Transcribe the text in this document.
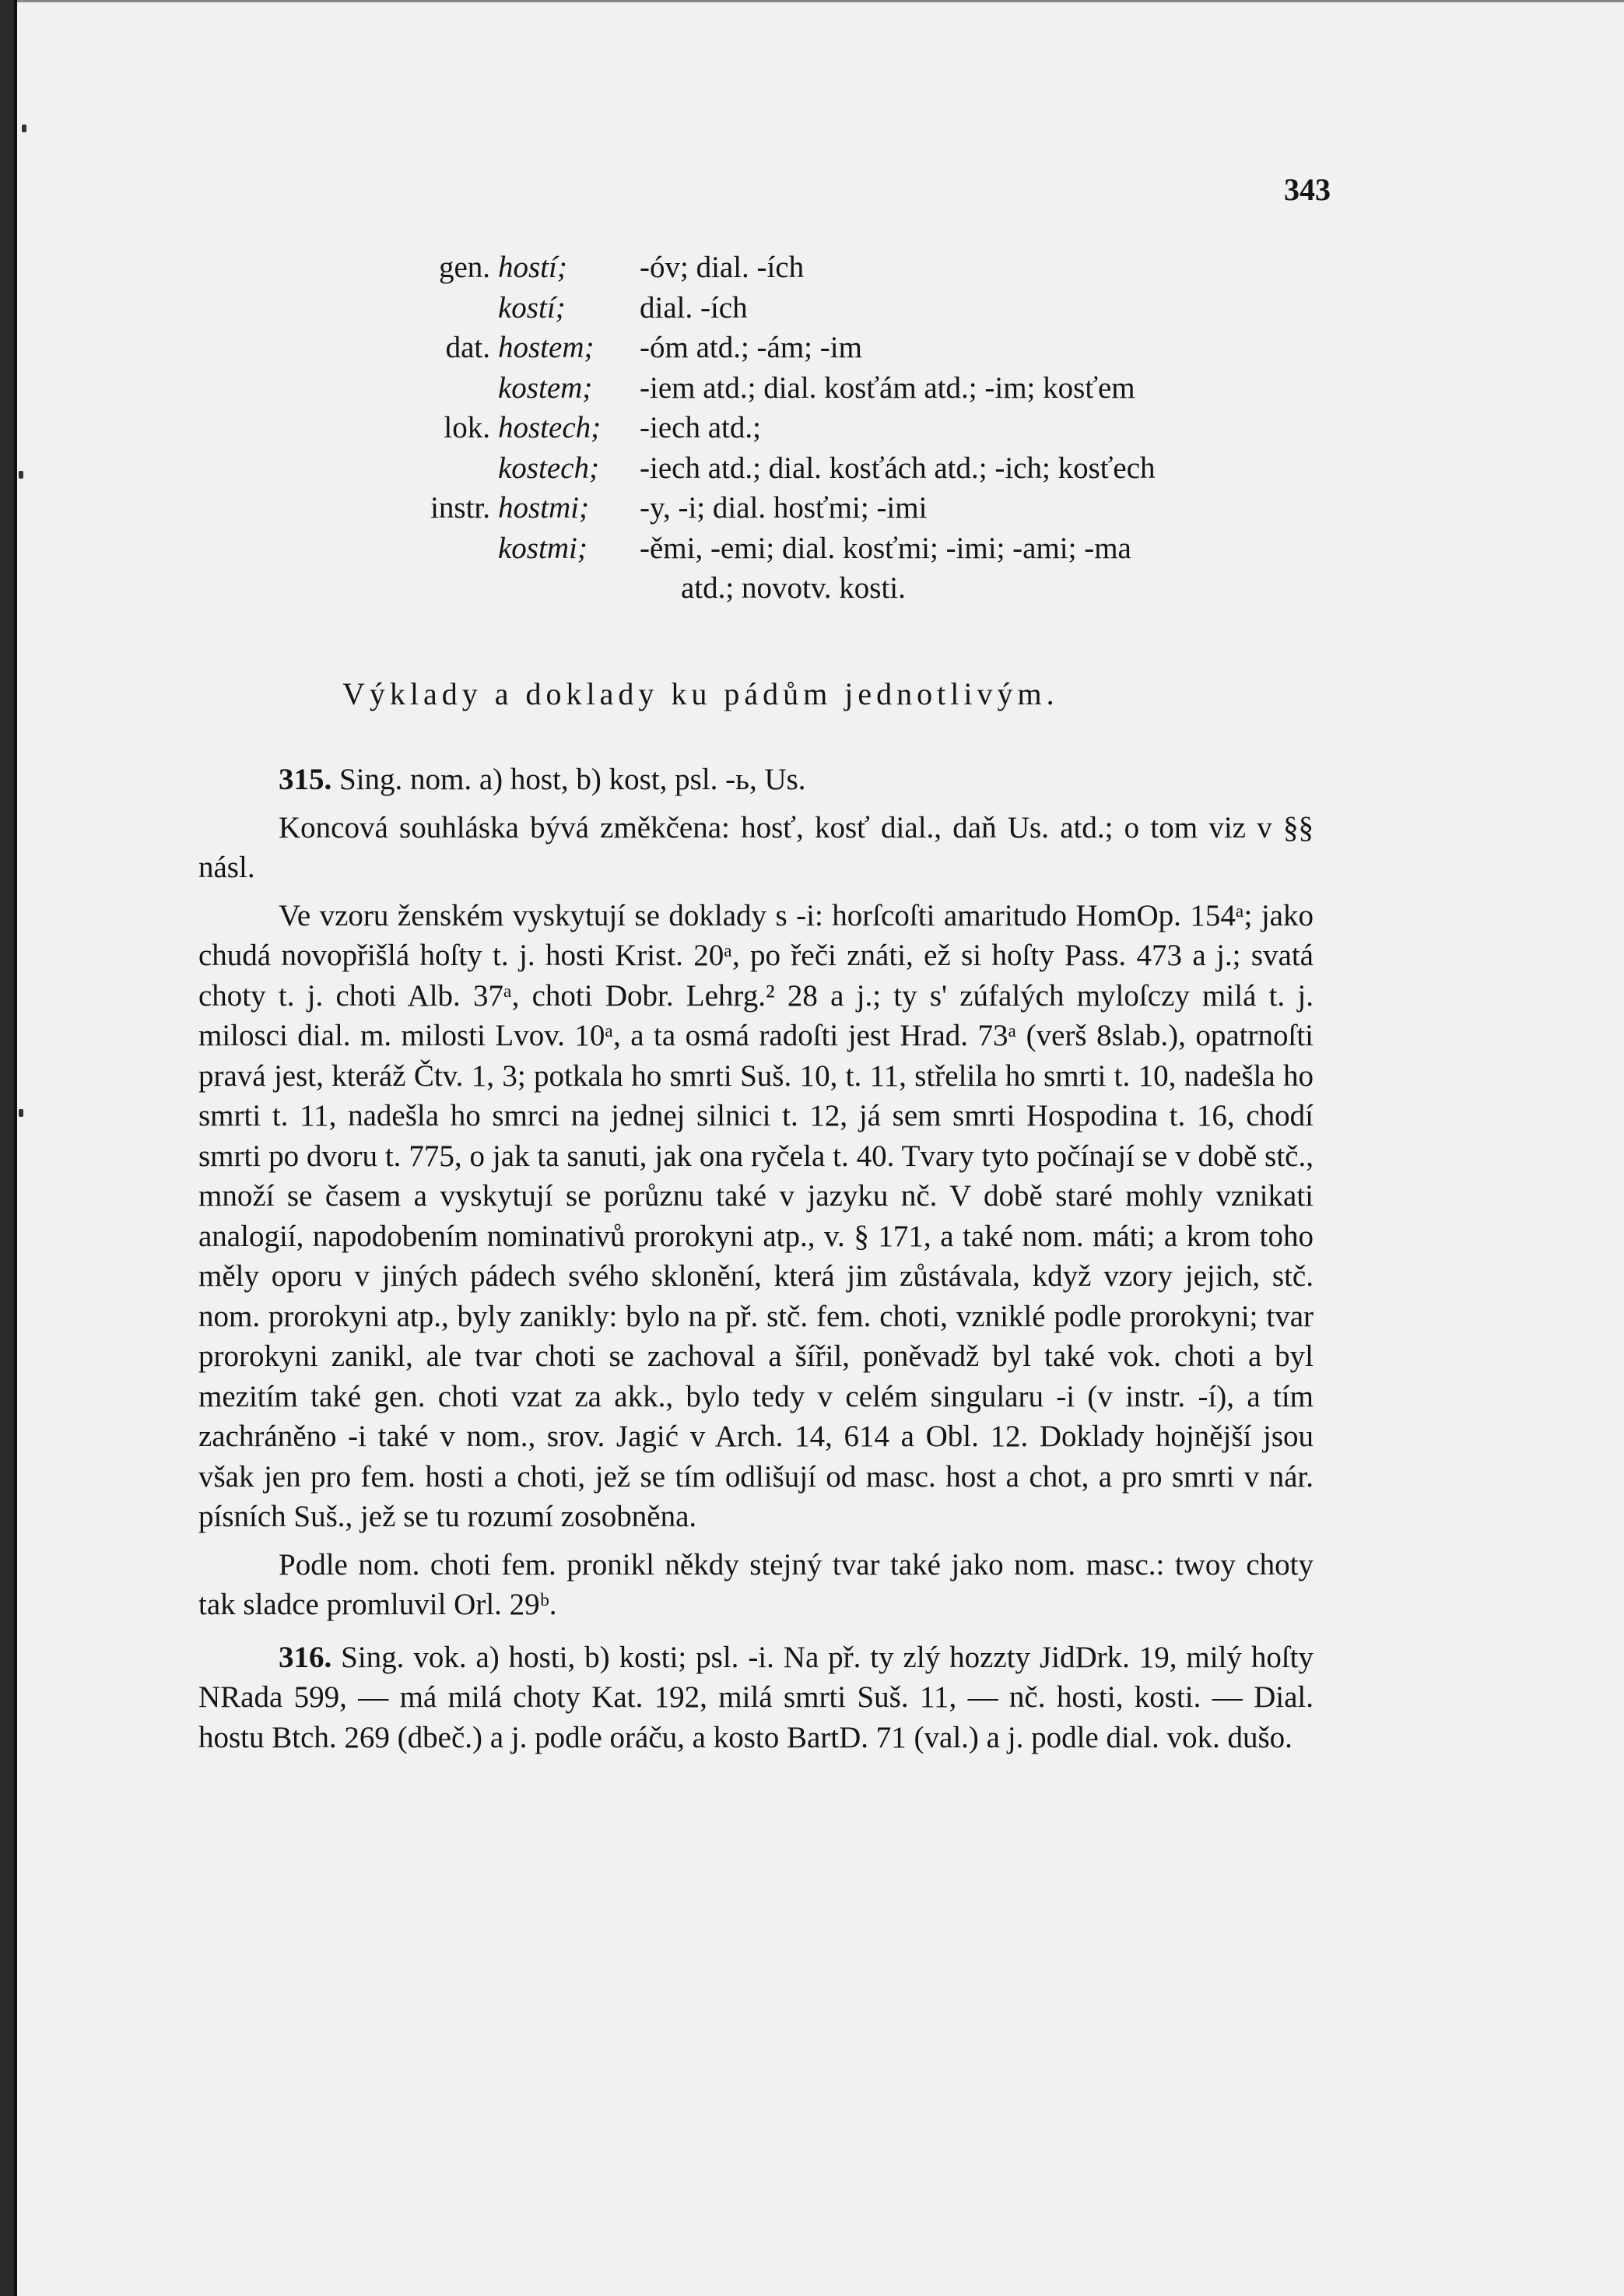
343
gen. hostí; -óv; dial. -ích
kostí; dial. -ích
dat. hostem; -óm atd.; -ám; -im
kostem; -iem atd.; dial. kosťám atd.; -im; kosťem
lok. hostech; -iech atd.;
kostech; -iech atd.; dial. kosťách atd.; -ich; kosťech
instr. hostmi; -y, -i; dial. hosťmi; -imi
kostmi; -ěmi, -emi; dial. kosťmi; -imi; -ami; -ma
atd.; novotv. kosti.
Výklady a doklady ku pádům jednotlivým.

315. Sing. nom. a) host, b) kost, psl. -ь, Us.

Koncová souhláska bývá změkčena: hosť, kosť dial., daň Us. atd.; o tom viz v §§ násl.

Ve vzoru ženském vyskytují se doklady s -i: horſcoſti amaritudo HomOp. 154ᵃ; jako chudá novopřišlá hoſty t. j. hosti Krist. 20ᵃ, po řeči znáti, ež si hoſty Pass. 473 a j.; svatá choty t. j. choti Alb. 37ᵃ, choti Dobr. Lehrg.² 28 a j.; ty s' zúfalých myloſczy milá t. j. milosci dial. m. milosti Lvov. 10ᵃ, a ta osmá radoſti jest Hrad. 73ᵃ (verš 8slab.), opatrnoſti pravá jest, kteráž Čtv. 1, 3; potkala ho smrti Suš. 10, t. 11, střelila ho smrti t. 10, nadešla ho smrti t. 11, nadešla ho smrci na jednej silnici t. 12, já sem smrti Hospodina t. 16, chodí smrti po dvoru t. 775, o jak ta sanuti, jak ona ryčela t. 40. Tvary tyto počínají se v době stč., množí se časem a vyskytují se porůznu také v jazyku nč. V době staré mohly vznikati analogií, napodobením nominativů prorokyni atp., v. § 171, a také nom. máti; a krom toho měly oporu v jiných pádech svého sklonění, která jim zůstávala, když vzory jejich, stč. nom. prorokyni atp., byly zanikly: bylo na př. stč. fem. choti, vzniklé podle prorokyni; tvar prorokyni zanikl, ale tvar choti se zachoval a šířil, poněvadž byl také vok. choti a byl mezitím také gen. choti vzat za akk., bylo tedy v celém singularu -i (v instr. -í), a tím zachráněno -i také v nom., srov. Jagić v Arch. 14, 614 a Obl. 12. Doklady hojnější jsou však jen pro fem. hosti a choti, jež se tím odlišují od masc. host a chot, a pro smrti v nár. písních Suš., jež se tu rozumí zosobněna.

Podle nom. choti fem. pronikl někdy stejný tvar také jako nom. masc.: twoy choty tak sladce promluvil Orl. 29ᵇ.

316. Sing. vok. a) hosti, b) kosti; psl. -i. Na př. ty zlý hozzty JidDrk. 19, milý hoſty NRada 599, — má milá choty Kat. 192, milá smrti Suš. 11, — nč. hosti, kosti. — Dial. hostu Btch. 269 (dbeč.) a j. podle oráču, a kosto BartD. 71 (val.) a j. podle dial. vok. dušo.
